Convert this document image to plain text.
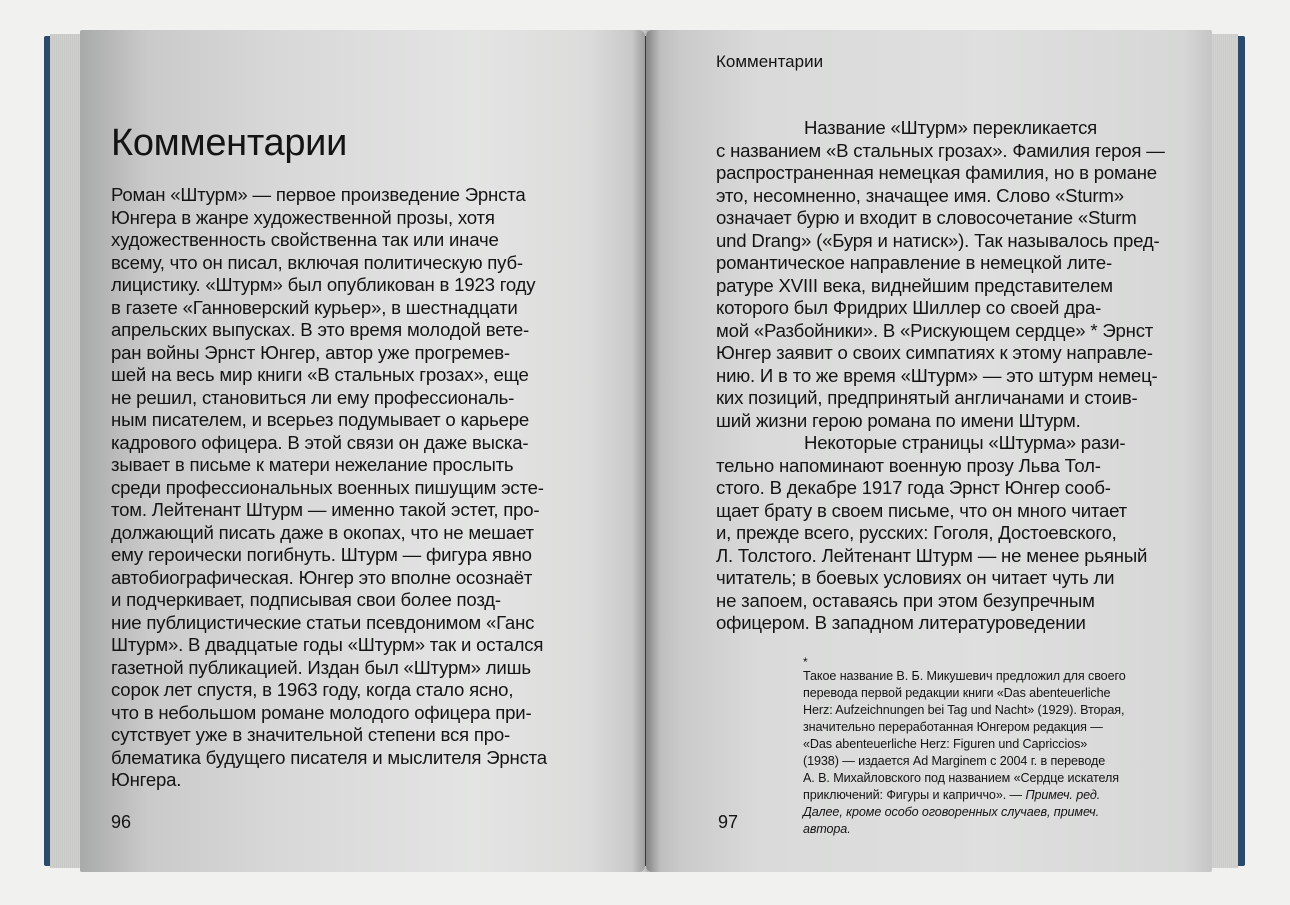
Комментарии
Роман «Штурм» — первое произведение Эрнста
Юнгера в жанре художественной прозы, хотя
художественность свойственна так или иначе
всему, что он писал, включая политическую пуб-
лицистику. «Штурм» был опубликован в 1923 году
в газете «Ганноверский курьер», в шестнадцати
апрельских выпусках. В это время молодой вете-
ран войны Эрнст Юнгер, автор уже прогремев-
шей на весь мир книги «В стальных грозах», еще
не решил, становиться ли ему профессиональ-
ным писателем, и всерьез подумывает о карьере
кадрового офицера. В этой связи он даже выска-
зывает в письме к матери нежелание прослыть
среди профессиональных военных пишущим эсте-
том. Лейтенант Штурм — именно такой эстет, про-
должающий писать даже в окопах, что не мешает
ему героически погибнуть. Штурм — фигура явно
автобиографическая. Юнгер это вполне осознаёт
и подчеркивает, подписывая свои более позд-
ние публицистические статьи псевдонимом «Ганс
Штурм». В двадцатые годы «Штурм» так и остался
газетной публикацией. Издан был «Штурм» лишь
сорок лет спустя, в 1963 году, когда стало ясно,
что в небольшом романе молодого офицера при-
сутствует уже в значительной степени вся про-
блематика будущего писателя и мыслителя Эрнста
Юнгера.
96
Комментарии
Название «Штурм» перекликается
с названием «В стальных грозах». Фамилия героя —
распространенная немецкая фамилия, но в романе
это, несомненно, значащее имя. Слово «Sturm»
означает бурю и входит в словосочетание «Sturm
und Drang» («Буря и натиск»). Так называлось пред-
романтическое направление в немецкой лите-
ратуре XVIII века, виднейшим представителем
которого был Фридрих Шиллер со своей дра-
мой «Разбойники». В «Рискующем сердце» * Эрнст
Юнгер заявит о своих симпатиях к этому направле-
нию. И в то же время «Штурм» — это штурм немец-
ких позиций, предпринятый англичанами и стоив-
ший жизни герою романа по имени Штурм.
Некоторые страницы «Штурма» рази-
тельно напоминают военную прозу Льва Тол-
стого. В декабре 1917 года Эрнст Юнгер сооб-
щает брату в своем письме, что он много читает
и, прежде всего, русских: Гоголя, Достоевского,
Л. Толстого. Лейтенант Штурм — не менее рьяный
читатель; в боевых условиях он читает чуть ли
не запоем, оставаясь при этом безупречным
офицером. В западном литературоведении
*
Такое название В. Б. Микушевич предложил для своего
перевода первой редакции книги «Das abenteuerliche
Herz: Aufzeichnungen bei Tag und Nacht» (1929). Вторая,
значительно переработанная Юнгером редакция —
«Das abenteuerliche Herz: Figuren und Capriccios»
(1938) — издается Ad Marginem с 2004 г. в переводе
А. В. Михайловского под названием «Сердце искателя
приключений: Фигуры и каприччо». — Примеч. ред.
Далее, кроме особо оговоренных случаев, примеч.
автора.
97
